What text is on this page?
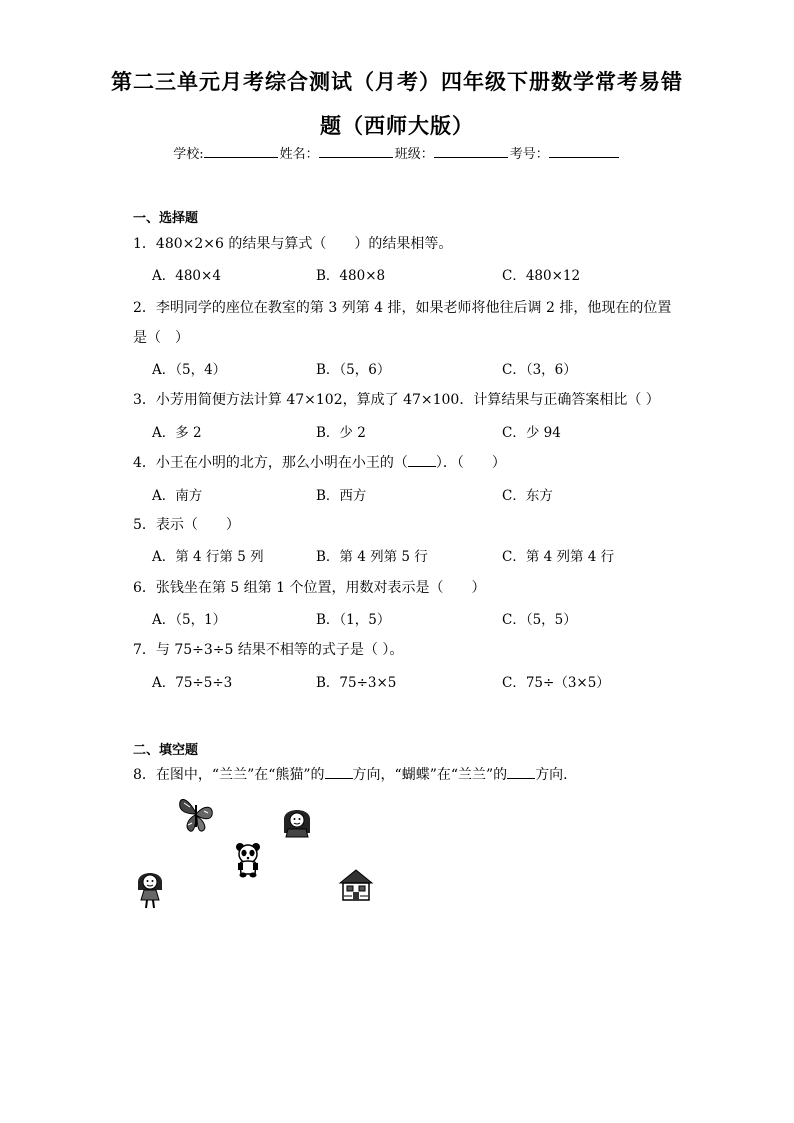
第二三单元月考综合测试（月考）四年级下册数学常考易错
题（西师大版）
学校:	姓名：	班级：	考号：
一、选择题
1．480×2×6 的结果与算式（　　）的结果相等。
A．480×4	B．480×8	C．480×12
2．李明同学的座位在教室的第 3 列第 4 排，如果老师将他往后调 2 排，他现在的位置
是（　）
A．（5，4）	B．（5，6）	C．（3，6）
3．小芳用简便方法计算 47×102，算成了 47×100．计算结果与正确答案相比（ ）
A．多 2	B．少 2	C．少 94
4．小王在小明的北方，那么小明在小王的（ ）．（　　）
A．南方	B．西方	C．东方
5．表示（　　）
A．第 4 行第 5 列	B．第 4 列第 5 行	C．第 4 列第 4 行
6．张钱坐在第 5 组第 1 个位置，用数对表示是（　　）
A．（5，1）	B．（1，5）	C．（5，5）
7．与 75÷3÷5 结果不相等的式子是（ ）。
A．75÷5÷3	B．75÷3×5	C．75÷（3×5）
二、填空题
8．在图中，“兰兰”在“熊猫”的 方向，“蝴蝶”在“兰兰”的 方向.
